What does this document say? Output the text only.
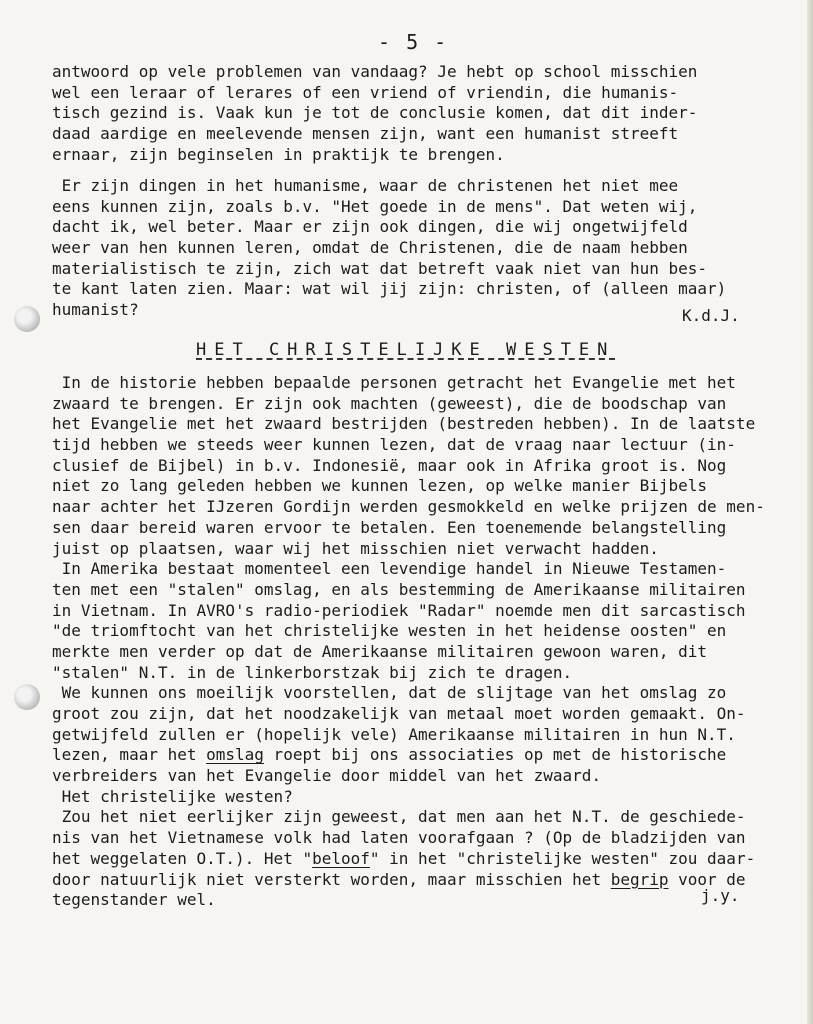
- 5 -
antwoord op vele problemen van vandaag? Je hebt op school misschien
wel een leraar of lerares of een vriend of vriendin, die humanis-
tisch gezind is. Vaak kun je tot de conclusie komen, dat dit inder-
daad aardige en meelevende mensen zijn, want een humanist streeft
ernaar, zijn beginselen in praktijk te brengen.
Er zijn dingen in het humanisme, waar de christenen het niet mee
eens kunnen zijn, zoals b.v. "Het goede in de mens". Dat weten wij,
dacht ik, wel beter. Maar er zijn ook dingen, die wij ongetwijfeld
weer van hen kunnen leren, omdat de Christenen, die de naam hebben
materialistisch te zijn, zich wat dat betreft vaak niet van hun bes-
te kant laten zien. Maar: wat wil jij zijn: christen, of (alleen maar)
humanist?	K.d.J.
HET CHRISTELIJKE WESTEN
In de historie hebben bepaalde personen getracht het Evangelie met het
zwaard te brengen. Er zijn ook machten (geweest), die de boodschap van
het Evangelie met het zwaard bestrijden (bestreden hebben). In de laatste
tijd hebben we steeds weer kunnen lezen, dat de vraag naar lectuur (in-
clusief de Bijbel) in b.v. Indonesië, maar ook in Afrika groot is. Nog
niet zo lang geleden hebben we kunnen lezen, op welke manier Bijbels
naar achter het IJzeren Gordijn werden gesmokkeld en welke prijzen de men-
sen daar bereid waren ervoor te betalen. Een toenemende belangstelling
juist op plaatsen, waar wij het misschien niet verwacht hadden.
In Amerika bestaat momenteel een levendige handel in Nieuwe Testamen-
ten met een "stalen" omslag, en als bestemming de Amerikaanse militairen
in Vietnam. In AVRO's radio-periodiek "Radar" noemde men dit sarcastisch
"de triomftocht van het christelijke westen in het heidense oosten" en
merkte men verder op dat de Amerikaanse militairen gewoon waren, dit
"stalen" N.T. in de linkerborstzak bij zich te dragen.
We kunnen ons moeilijk voorstellen, dat de slijtage van het omslag zo
groot zou zijn, dat het noodzakelijk van metaal moet worden gemaakt. On-
getwijfeld zullen er (hopelijk vele) Amerikaanse militairen in hun N.T.
lezen, maar het omslag roept bij ons associaties op met de historische
verbreiders van het Evangelie door middel van het zwaard.
Het christelijke westen?
Zou het niet eerlijker zijn geweest, dat men aan het N.T. de geschiede-
nis van het Vietnamese volk had laten voorafgaan ? (Op de bladzijden van
het weggelaten O.T.). Het "beloof" in het "christelijke westen" zou daar-
door natuurlijk niet versterkt worden, maar misschien het begrip voor de
tegenstander wel.	j.y.
